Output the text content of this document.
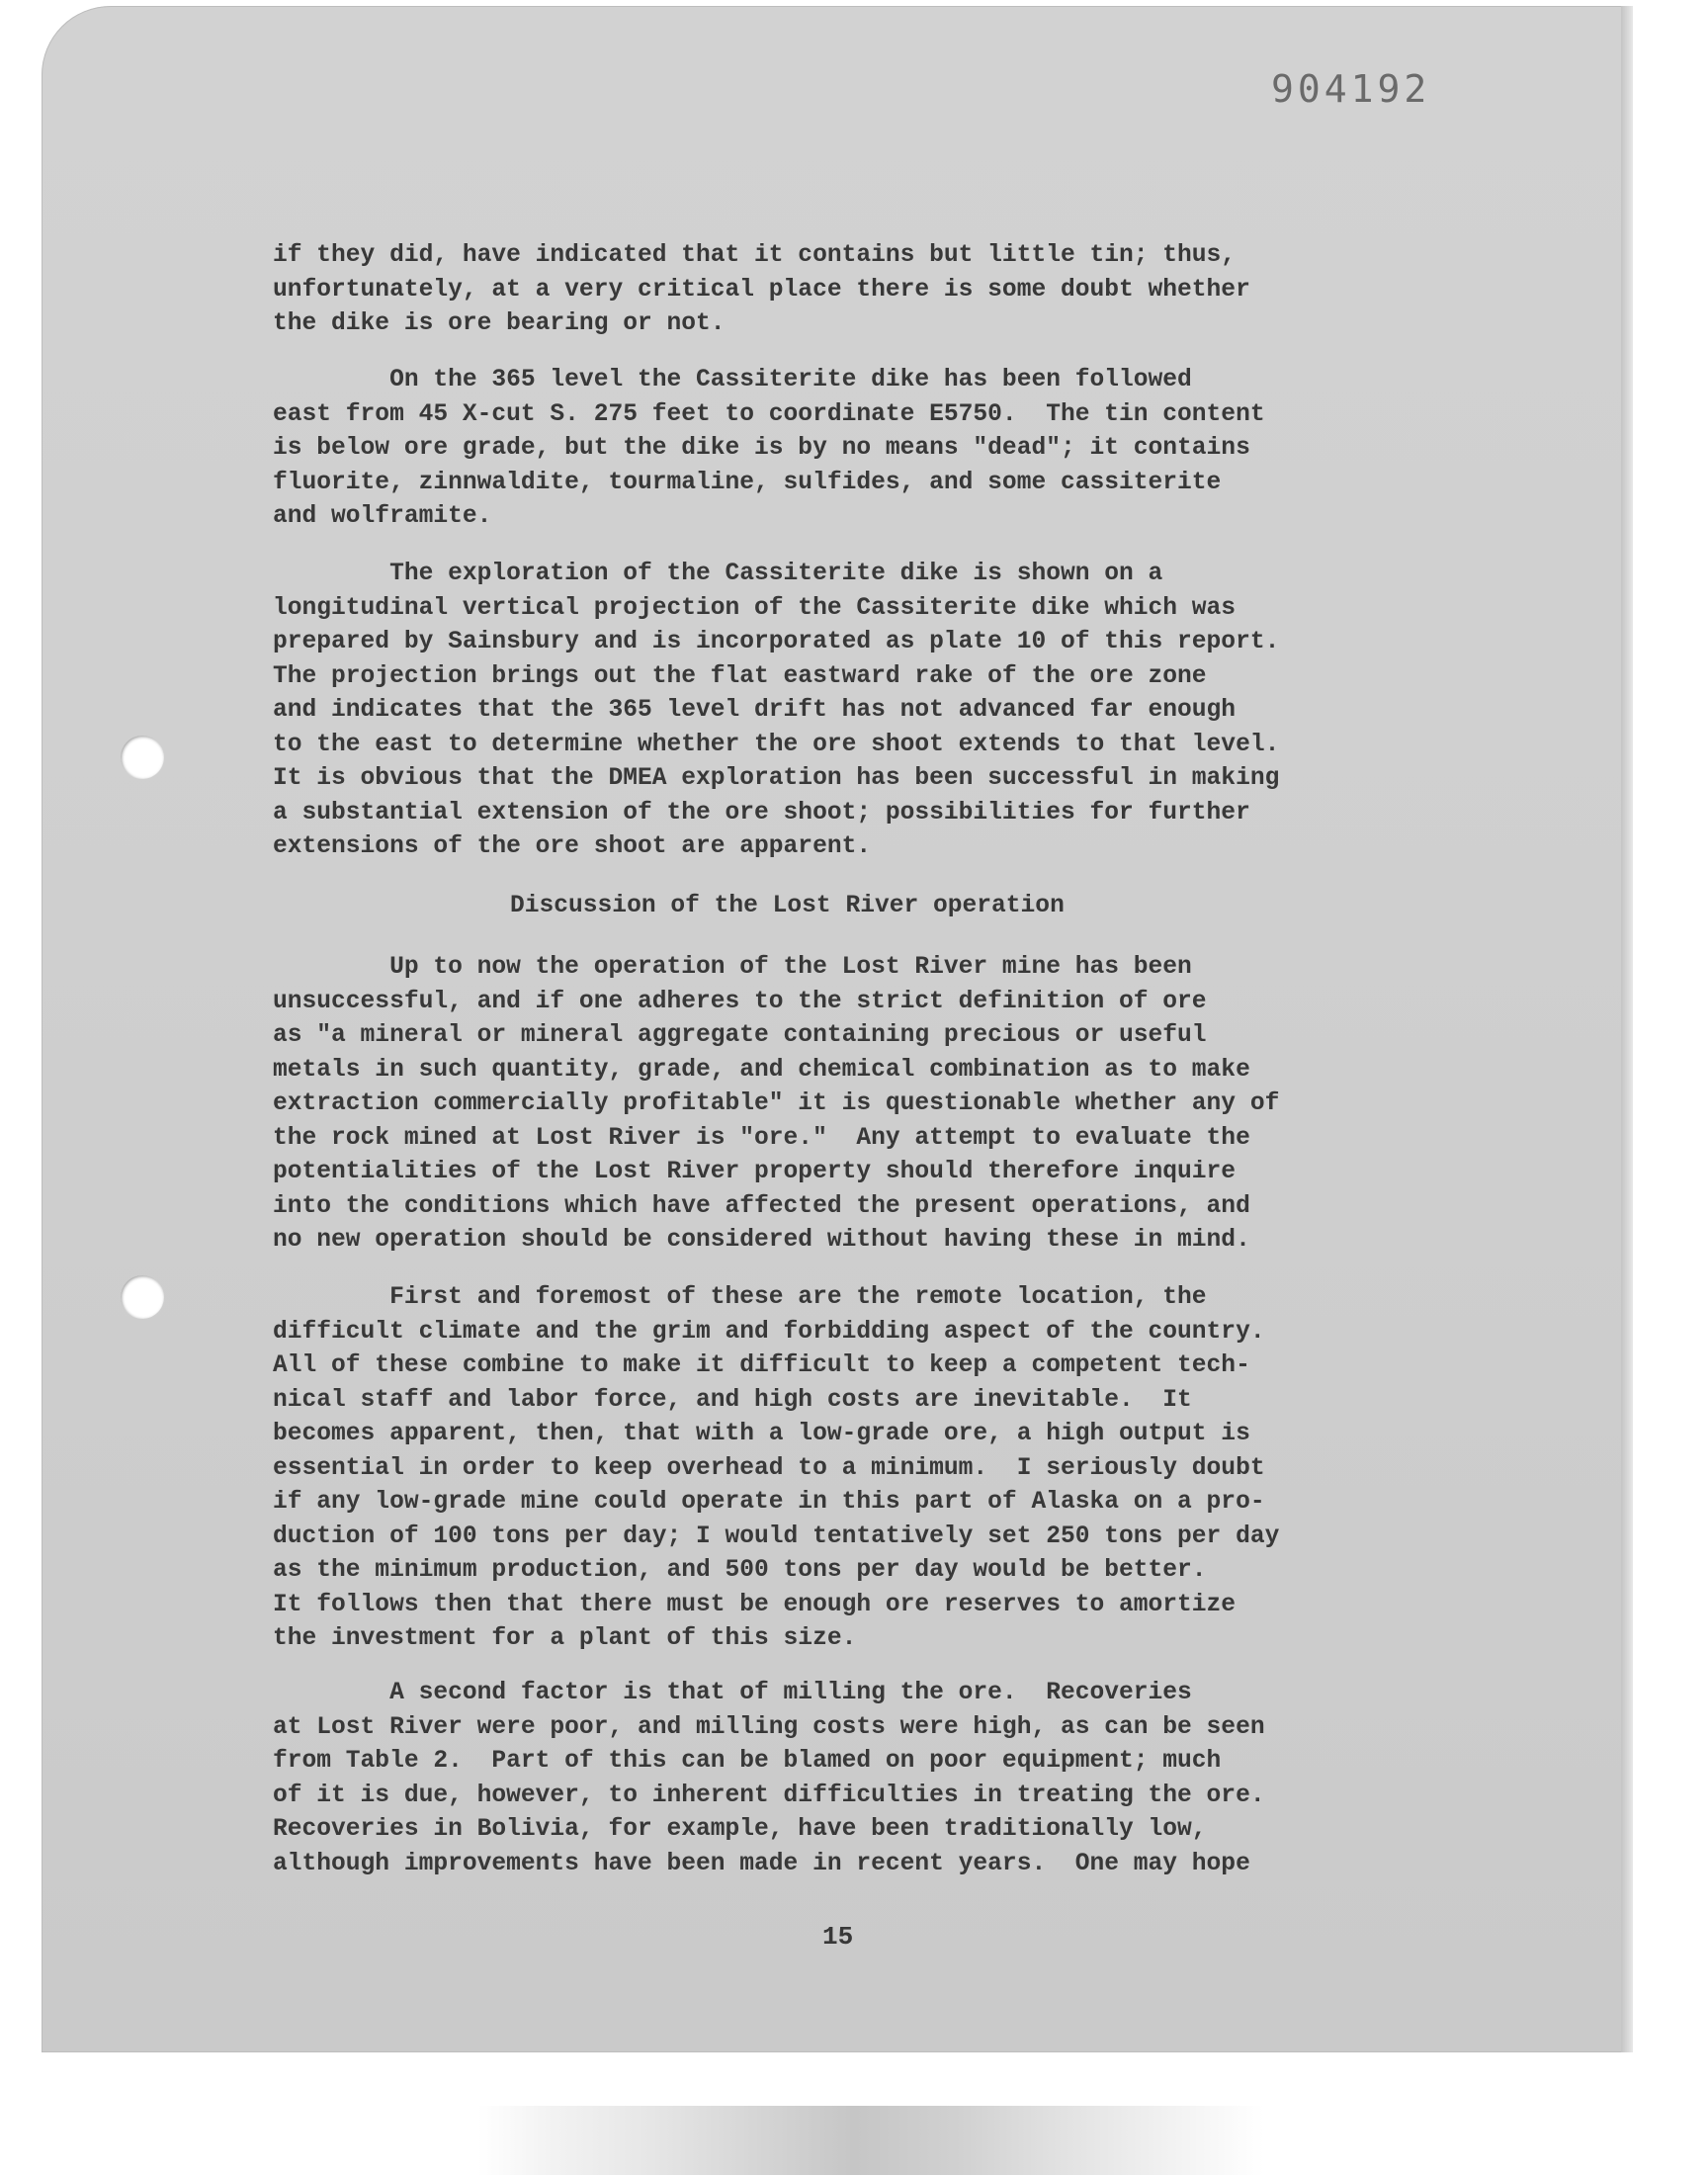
904192
if they did, have indicated that it contains but little tin; thus,
unfortunately, at a very critical place there is some doubt whether
the dike is ore bearing or not.
On the 365 level the Cassiterite dike has been followed
east from 45 X-cut S. 275 feet to coordinate E5750.  The tin content
is below ore grade, but the dike is by no means "dead"; it contains
fluorite, zinnwaldite, tourmaline, sulfides, and some cassiterite
and wolframite.
The exploration of the Cassiterite dike is shown on a
longitudinal vertical projection of the Cassiterite dike which was
prepared by Sainsbury and is incorporated as plate 10 of this report.
The projection brings out the flat eastward rake of the ore zone
and indicates that the 365 level drift has not advanced far enough
to the east to determine whether the ore shoot extends to that level.
It is obvious that the DMEA exploration has been successful in making
a substantial extension of the ore shoot; possibilities for further
extensions of the ore shoot are apparent.
Discussion of the Lost River operation
Up to now the operation of the Lost River mine has been
unsuccessful, and if one adheres to the strict definition of ore
as "a mineral or mineral aggregate containing precious or useful
metals in such quantity, grade, and chemical combination as to make
extraction commercially profitable" it is questionable whether any of
the rock mined at Lost River is "ore."  Any attempt to evaluate the
potentialities of the Lost River property should therefore inquire
into the conditions which have affected the present operations, and
no new operation should be considered without having these in mind.
First and foremost of these are the remote location, the
difficult climate and the grim and forbidding aspect of the country.
All of these combine to make it difficult to keep a competent tech-
nical staff and labor force, and high costs are inevitable.  It
becomes apparent, then, that with a low-grade ore, a high output is
essential in order to keep overhead to a minimum.  I seriously doubt
if any low-grade mine could operate in this part of Alaska on a pro-
duction of 100 tons per day; I would tentatively set 250 tons per day
as the minimum production, and 500 tons per day would be better.
It follows then that there must be enough ore reserves to amortize
the investment for a plant of this size.
A second factor is that of milling the ore.  Recoveries
at Lost River were poor, and milling costs were high, as can be seen
from Table 2.  Part of this can be blamed on poor equipment; much
of it is due, however, to inherent difficulties in treating the ore.
Recoveries in Bolivia, for example, have been traditionally low,
although improvements have been made in recent years.  One may hope
15
